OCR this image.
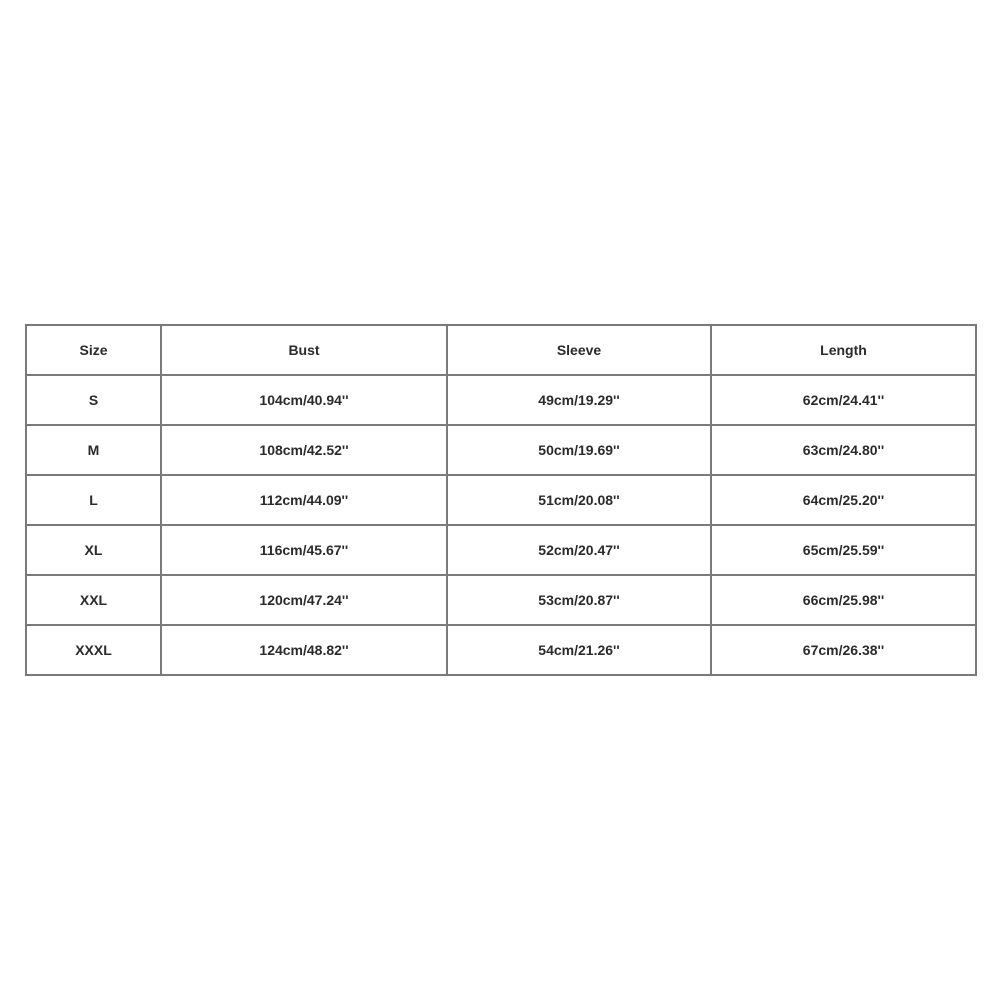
Size	Bust	Sleeve	Length
S	104cm/40.94''	49cm/19.29''	62cm/24.41''
M	108cm/42.52''	50cm/19.69''	63cm/24.80''
L	112cm/44.09''	51cm/20.08''	64cm/25.20''
XL	116cm/45.67''	52cm/20.47''	65cm/25.59''
XXL	120cm/47.24''	53cm/20.87''	66cm/25.98''
XXXL	124cm/48.82''	54cm/21.26''	67cm/26.38''
